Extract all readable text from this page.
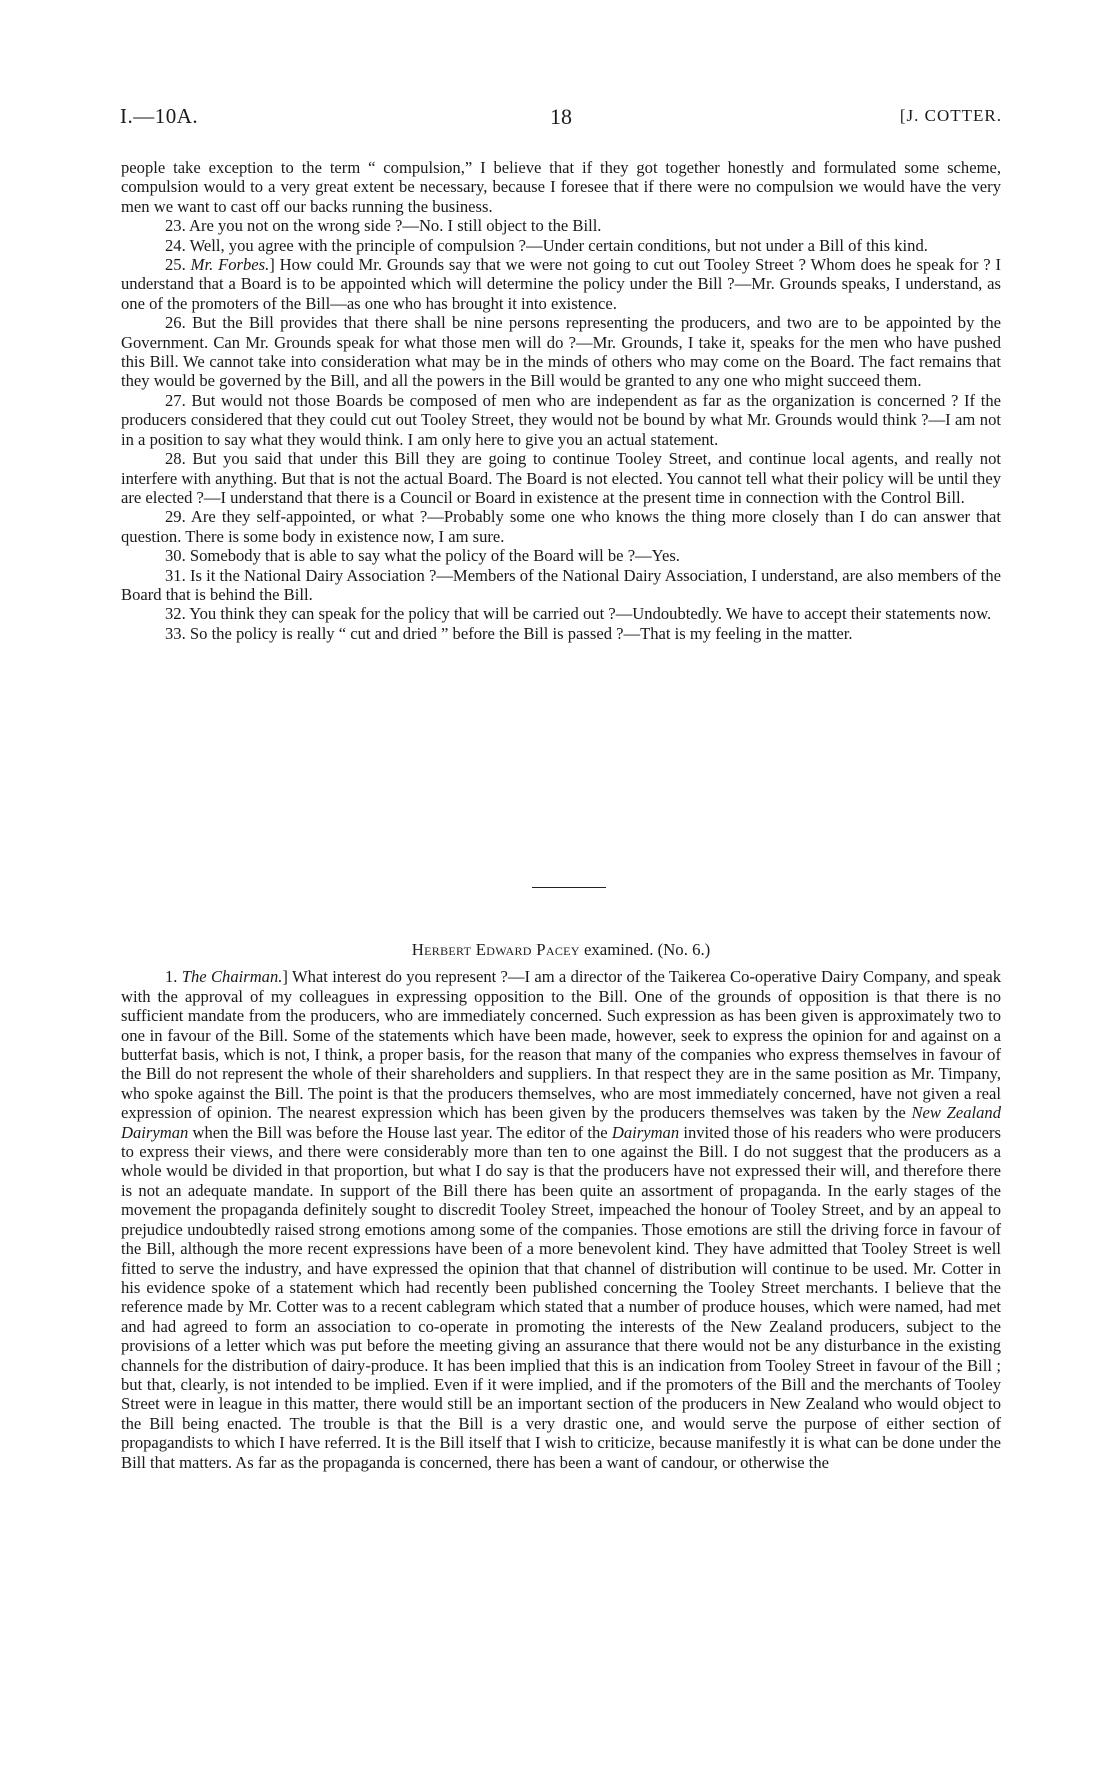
I.—10A.	18	[J. COTTER.

people take exception to the term “ compulsion,” I believe that if they got together honestly and formulated some scheme, compulsion would to a very great extent be necessary, because I foresee that if there were no compulsion we would have the very men we want to cast off our backs running the business.

23. Are you not on the wrong side ?—No. I still object to the Bill.

24. Well, you agree with the principle of compulsion ?—Under certain conditions, but not under a Bill of this kind.

25. Mr. Forbes.] How could Mr. Grounds say that we were not going to cut out Tooley Street ? Whom does he speak for ? I understand that a Board is to be appointed which will determine the policy under the Bill ?—Mr. Grounds speaks, I understand, as one of the promoters of the Bill—as one who has brought it into existence.

26. But the Bill provides that there shall be nine persons representing the producers, and two are to be appointed by the Government. Can Mr. Grounds speak for what those men will do ?—Mr. Grounds, I take it, speaks for the men who have pushed this Bill. We cannot take into consideration what may be in the minds of others who may come on the Board. The fact remains that they would be governed by the Bill, and all the powers in the Bill would be granted to any one who might succeed them.

27. But would not those Boards be composed of men who are independent as far as the organization is concerned ? If the producers considered that they could cut out Tooley Street, they would not be bound by what Mr. Grounds would think ?—I am not in a position to say what they would think. I am only here to give you an actual statement.

28. But you said that under this Bill they are going to continue Tooley Street, and continue local agents, and really not interfere with anything. But that is not the actual Board. The Board is not elected. You cannot tell what their policy will be until they are elected ?—I understand that there is a Council or Board in existence at the present time in connection with the Control Bill.

29. Are they self-appointed, or what ?—Probably some one who knows the thing more closely than I do can answer that question. There is some body in existence now, I am sure.

30. Somebody that is able to say what the policy of the Board will be ?—Yes.

31. Is it the National Dairy Association ?—Members of the National Dairy Association, I understand, are also members of the Board that is behind the Bill.

32. You think they can speak for the policy that will be carried out ?—Undoubtedly. We have to accept their statements now.

33. So the policy is really “ cut and dried ” before the Bill is passed ?—That is my feeling in the matter.

Herbert Edward Pacey examined. (No. 6.)

1. The Chairman.] What interest do you represent ?—I am a director of the Taikerea Co-operative Dairy Company, and speak with the approval of my colleagues in expressing opposition to the Bill. One of the grounds of opposition is that there is no sufficient mandate from the producers, who are immediately concerned. Such expression as has been given is approximately two to one in favour of the Bill. Some of the statements which have been made, however, seek to express the opinion for and against on a butterfat basis, which is not, I think, a proper basis, for the reason that many of the companies who express themselves in favour of the Bill do not represent the whole of their shareholders and suppliers. In that respect they are in the same position as Mr. Timpany, who spoke against the Bill. The point is that the producers themselves, who are most immediately concerned, have not given a real expression of opinion. The nearest expression which has been given by the producers themselves was taken by the New Zealand Dairyman when the Bill was before the House last year. The editor of the Dairyman invited those of his readers who were producers to express their views, and there were considerably more than ten to one against the Bill. I do not suggest that the producers as a whole would be divided in that proportion, but what I do say is that the producers have not expressed their will, and therefore there is not an adequate mandate. In support of the Bill there has been quite an assortment of propaganda. In the early stages of the movement the propaganda definitely sought to discredit Tooley Street, impeached the honour of Tooley Street, and by an appeal to prejudice undoubtedly raised strong emotions among some of the companies. Those emotions are still the driving force in favour of the Bill, although the more recent expressions have been of a more benevolent kind. They have admitted that Tooley Street is well fitted to serve the industry, and have expressed the opinion that that channel of distribution will continue to be used. Mr. Cotter in his evidence spoke of a statement which had recently been published concerning the Tooley Street merchants. I believe that the reference made by Mr. Cotter was to a recent cablegram which stated that a number of produce houses, which were named, had met and had agreed to form an association to co-operate in promoting the interests of the New Zealand producers, subject to the provisions of a letter which was put before the meeting giving an assurance that there would not be any disturbance in the existing channels for the distribution of dairy-produce. It has been implied that this is an indication from Tooley Street in favour of the Bill ; but that, clearly, is not intended to be implied. Even if it were implied, and if the promoters of the Bill and the merchants of Tooley Street were in league in this matter, there would still be an important section of the producers in New Zealand who would object to the Bill being enacted. The trouble is that the Bill is a very drastic one, and would serve the purpose of either section of propagandists to which I have referred. It is the Bill itself that I wish to criticize, because manifestly it is what can be done under the Bill that matters. As far as the propaganda is concerned, there has been a want of candour, or otherwise the
